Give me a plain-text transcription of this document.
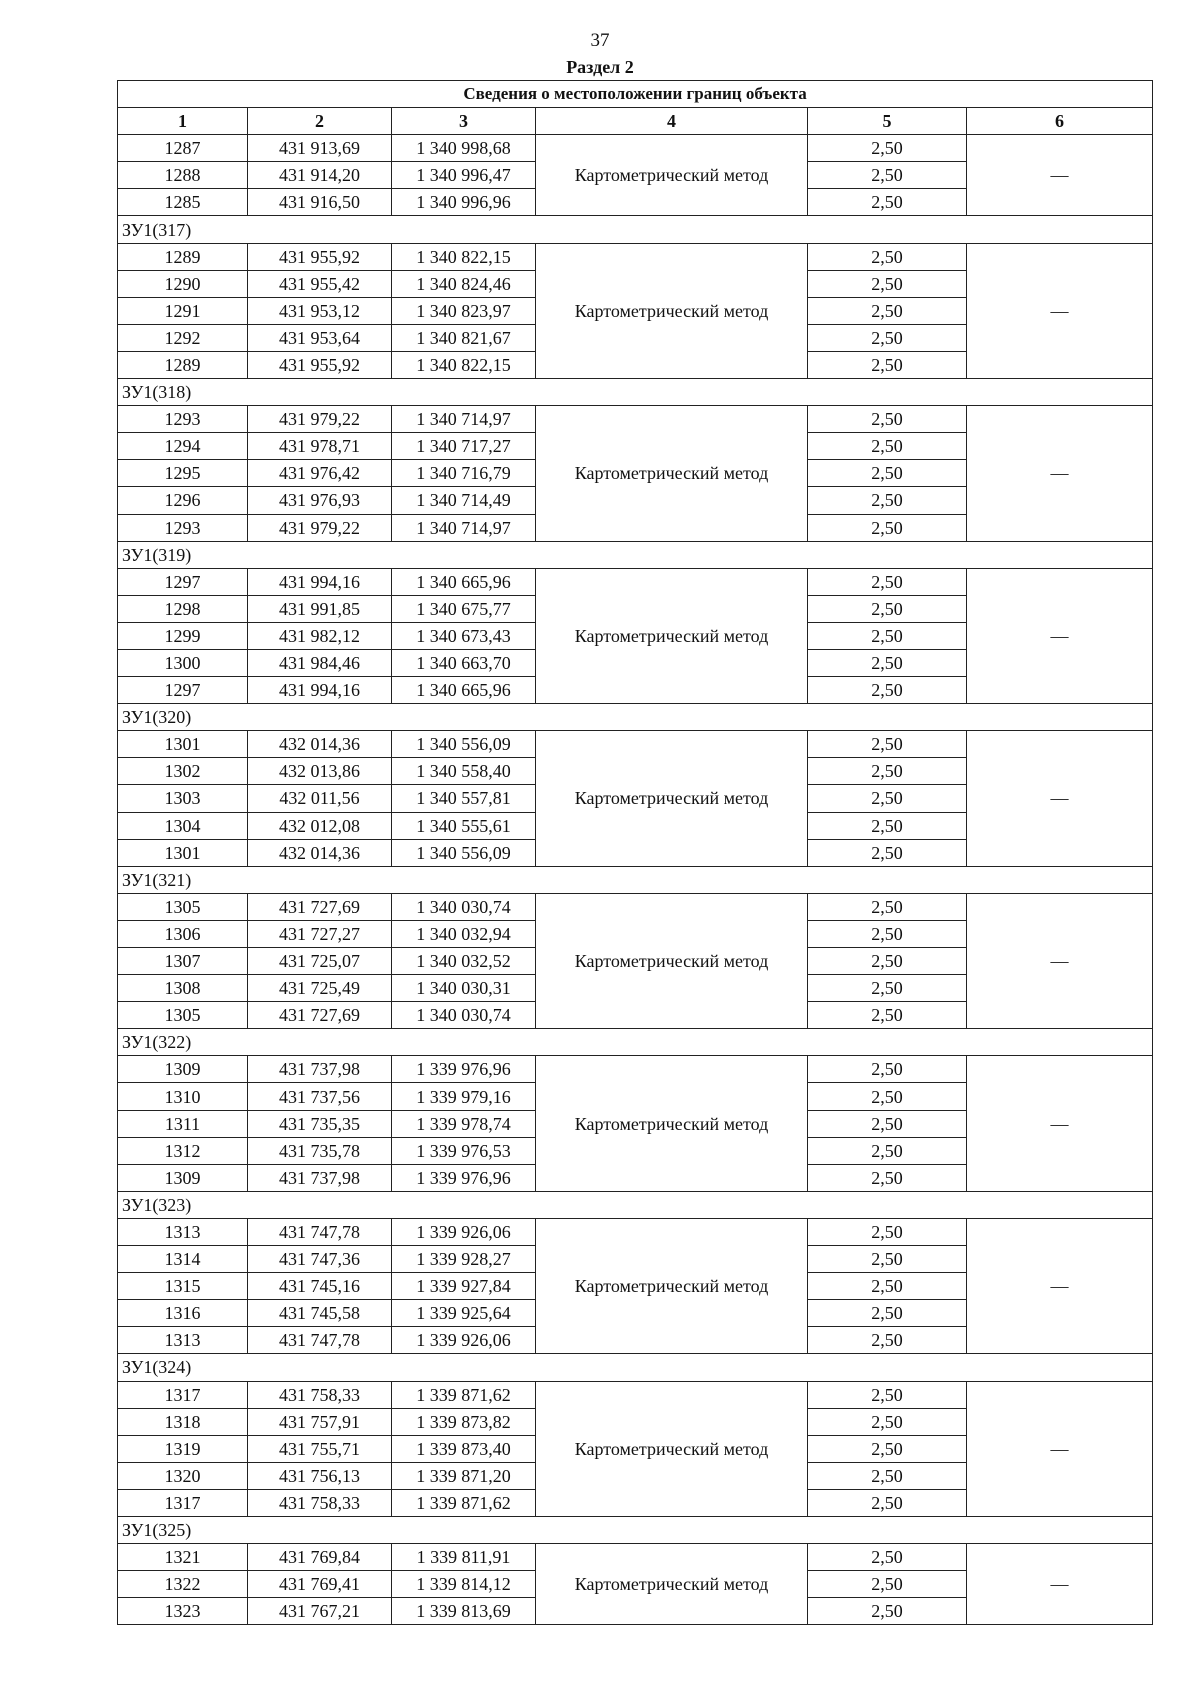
37
Раздел 2
Сведения о местоположении границ объекта					
1	2	3	4	5	6
1287	431 913,69	1 340 998,68	Картометрический метод	2,50	—
1288	431 914,20	1 340 996,47		2,50	
1285	431 916,50	1 340 996,96		2,50	
ЗУ1(317)					
1289	431 955,92	1 340 822,15	Картометрический метод	2,50	—
1290	431 955,42	1 340 824,46		2,50	
1291	431 953,12	1 340 823,97		2,50	
1292	431 953,64	1 340 821,67		2,50	
1289	431 955,92	1 340 822,15		2,50	
ЗУ1(318)					
1293	431 979,22	1 340 714,97	Картометрический метод	2,50	—
1294	431 978,71	1 340 717,27		2,50	
1295	431 976,42	1 340 716,79		2,50	
1296	431 976,93	1 340 714,49		2,50	
1293	431 979,22	1 340 714,97		2,50	
ЗУ1(319)					
1297	431 994,16	1 340 665,96	Картометрический метод	2,50	—
1298	431 991,85	1 340 675,77		2,50	
1299	431 982,12	1 340 673,43		2,50	
1300	431 984,46	1 340 663,70		2,50	
1297	431 994,16	1 340 665,96		2,50	
ЗУ1(320)					
1301	432 014,36	1 340 556,09	Картометрический метод	2,50	—
1302	432 013,86	1 340 558,40		2,50	
1303	432 011,56	1 340 557,81		2,50	
1304	432 012,08	1 340 555,61		2,50	
1301	432 014,36	1 340 556,09		2,50	
ЗУ1(321)					
1305	431 727,69	1 340 030,74	Картометрический метод	2,50	—
1306	431 727,27	1 340 032,94		2,50	
1307	431 725,07	1 340 032,52		2,50	
1308	431 725,49	1 340 030,31		2,50	
1305	431 727,69	1 340 030,74		2,50	
ЗУ1(322)					
1309	431 737,98	1 339 976,96	Картометрический метод	2,50	—
1310	431 737,56	1 339 979,16		2,50	
1311	431 735,35	1 339 978,74		2,50	
1312	431 735,78	1 339 976,53		2,50	
1309	431 737,98	1 339 976,96		2,50	
ЗУ1(323)					
1313	431 747,78	1 339 926,06	Картометрический метод	2,50	—
1314	431 747,36	1 339 928,27		2,50	
1315	431 745,16	1 339 927,84		2,50	
1316	431 745,58	1 339 925,64		2,50	
1313	431 747,78	1 339 926,06		2,50	
ЗУ1(324)					
1317	431 758,33	1 339 871,62	Картометрический метод	2,50	—
1318	431 757,91	1 339 873,82		2,50	
1319	431 755,71	1 339 873,40		2,50	
1320	431 756,13	1 339 871,20		2,50	
1317	431 758,33	1 339 871,62		2,50	
ЗУ1(325)					
1321	431 769,84	1 339 811,91	Картометрический метод	2,50	—
1322	431 769,41	1 339 814,12		2,50	
1323	431 767,21	1 339 813,69		2,50	
